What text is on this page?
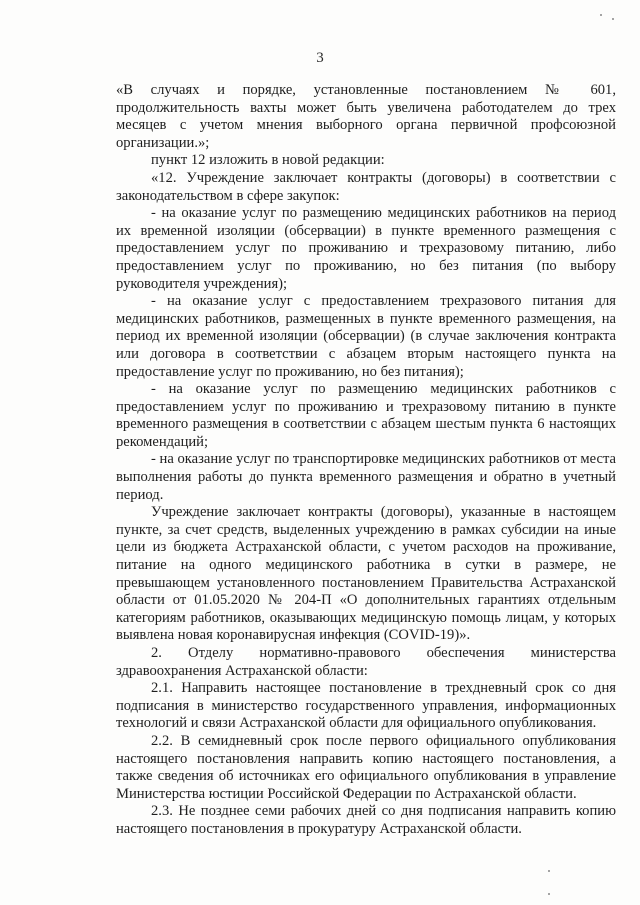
3

«В случаях и порядке, установленные постановлением № 601, продолжительность вахты может быть увеличена работодателем до трех месяцев с учетом мнения выборного органа первичной профсоюзной организации.»;

пункт 12 изложить в новой редакции:

«12. Учреждение заключает контракты (договоры) в соответствии с законодательством в сфере закупок:

- на оказание услуг по размещению медицинских работников на период их временной изоляции (обсервации) в пункте временного размещения с предоставлением услуг по проживанию и трехразовому питанию, либо предоставлением услуг по проживанию, но без питания (по выбору руководителя учреждения);

- на оказание услуг с предоставлением трехразового питания для медицинских работников, размещенных в пункте временного размещения, на период их временной изоляции (обсервации) (в случае заключения контракта или договора в соответствии с абзацем вторым настоящего пункта на предоставление услуг по проживанию, но без питания);

- на оказание услуг по размещению медицинских работников с предоставлением услуг по проживанию и трехразовому питанию в пункте временного размещения в соответствии с абзацем шестым пункта 6 настоящих рекомендаций;

- на оказание услуг по транспортировке медицинских работников от места выполнения работы до пункта временного размещения и обратно в учетный период.

Учреждение заключает контракты (договоры), указанные в настоящем пункте, за счет средств, выделенных учреждению в рамках субсидии на иные цели из бюджета Астраханской области, с учетом расходов на проживание, питание на одного медицинского работника в сутки в размере, не превышающем установленного постановлением Правительства Астраханской области от 01.05.2020 № 204-П «О дополнительных гарантиях отдельным категориям работников, оказывающих медицинскую помощь лицам, у которых выявлена новая коронавирусная инфекция (COVID-19)».

2. Отделу нормативно-правового обеспечения министерства здравоохранения Астраханской области:

2.1. Направить настоящее постановление в трехдневный срок со дня подписания в министерство государственного управления, информационных технологий и связи Астраханской области для официального опубликования.

2.2. В семидневный срок после первого официального опубликования настоящего постановления направить копию настоящего постановления, а также сведения об источниках его официального опубликования в управление Министерства юстиции Российской Федерации по Астраханской области.

2.3. Не позднее семи рабочих дней со дня подписания направить копию настоящего постановления в прокуратуру Астраханской области.
